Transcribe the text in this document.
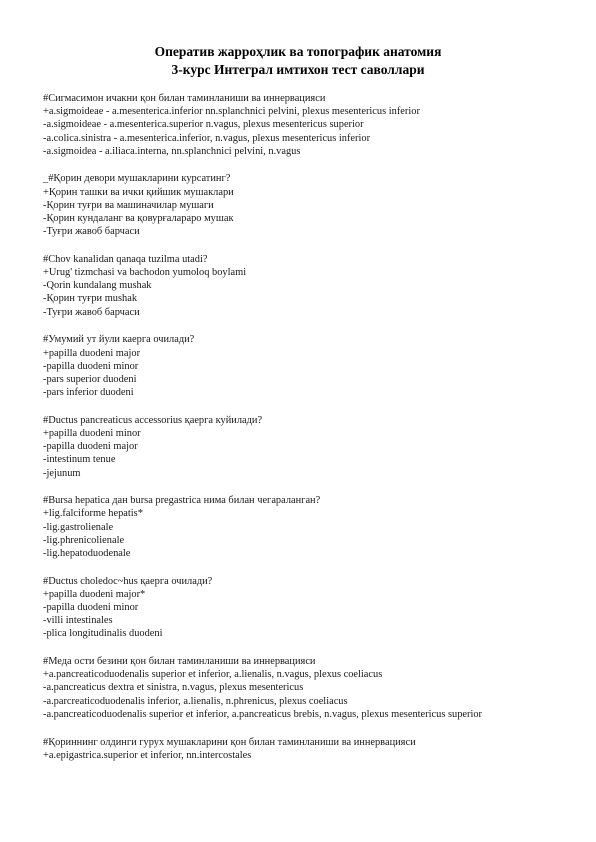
Оператив жарроҳлик ва топографик анатомия
3-курс Интеграл имтихон тест саволлари
#Сигмасимон ичакни қон билан таминланиши ва иннервацияси
+a.sigmoideae - a.mesenterica.inferior nn.splanchnici pelvini, plexus mesentericus inferior
-a.sigmoideae - a.mesenterica.superior n.vagus, plexus mesentericus superior
-a.colica.sinistra - a.mesenterica.inferior, n.vagus, plexus mesentericus inferior
-a.sigmoidea - a.iliaca.interna, nn.splanchnici pelvini, n.vagus
_#Қорин девори мушакларини курсатинг?
+Қорин ташки ва ички қийшик мушаклари
-Қорин туғри ва машиначилар мушаги
-Қорин кундаланг ва қовурғалараро мушак
-Туғри жавоб барчаси
#Chov kanalidan qanaqa tuzilma utadi?
+Urug' tizmchasi va bachodon yumoloq boylami
-Qorin kundalang mushak
-Қорин туғри mushak
-Туғри жавоб барчаси
#Умумий ут йули каерга очилади?
+papilla duodeni major
-papilla duodeni minor
-pars superior duodeni
-pars inferior duodeni
#Ductus pancreaticus accessorius қаерга куйилади?
+papilla duodeni minor
-papilla duodeni major
-intestinum tenue
-jejunum
#Bursa hepatica дан bursa pregastrica нима билан чегараланган?
+lig.falciforme hepatis*
-lig.gastrolienale
-lig.phrenicolienale
-lig.hepatoduodenale
#Ductus choledoc~hus қаерга очилади?
+papilla duodeni major*
-papilla duodeni minor
-villi intestinales
-plica longitudinalis duodeni
#Меда ости безини қон билан таминланиши ва иннервацияси
+a.pancreaticoduodenalis superior et inferior, a.lienalis, n.vagus, plexus coeliacus
-a.pancreaticus dextra et sinistra, n.vagus, plexus mesentericus
-a.parcreaticoduodenalis inferior, a.lienalis, n.phrenicus, plexus coeliacus
-a.pancreaticoduodenalis superior et inferior, a.pancreaticus brebis, n.vagus, plexus mesentericus superior
#Қориннинг олдинги гурух мушакларини қон билан таминланиши ва иннервацияси
+a.epigastrica.superior et inferior, nn.intercostales
